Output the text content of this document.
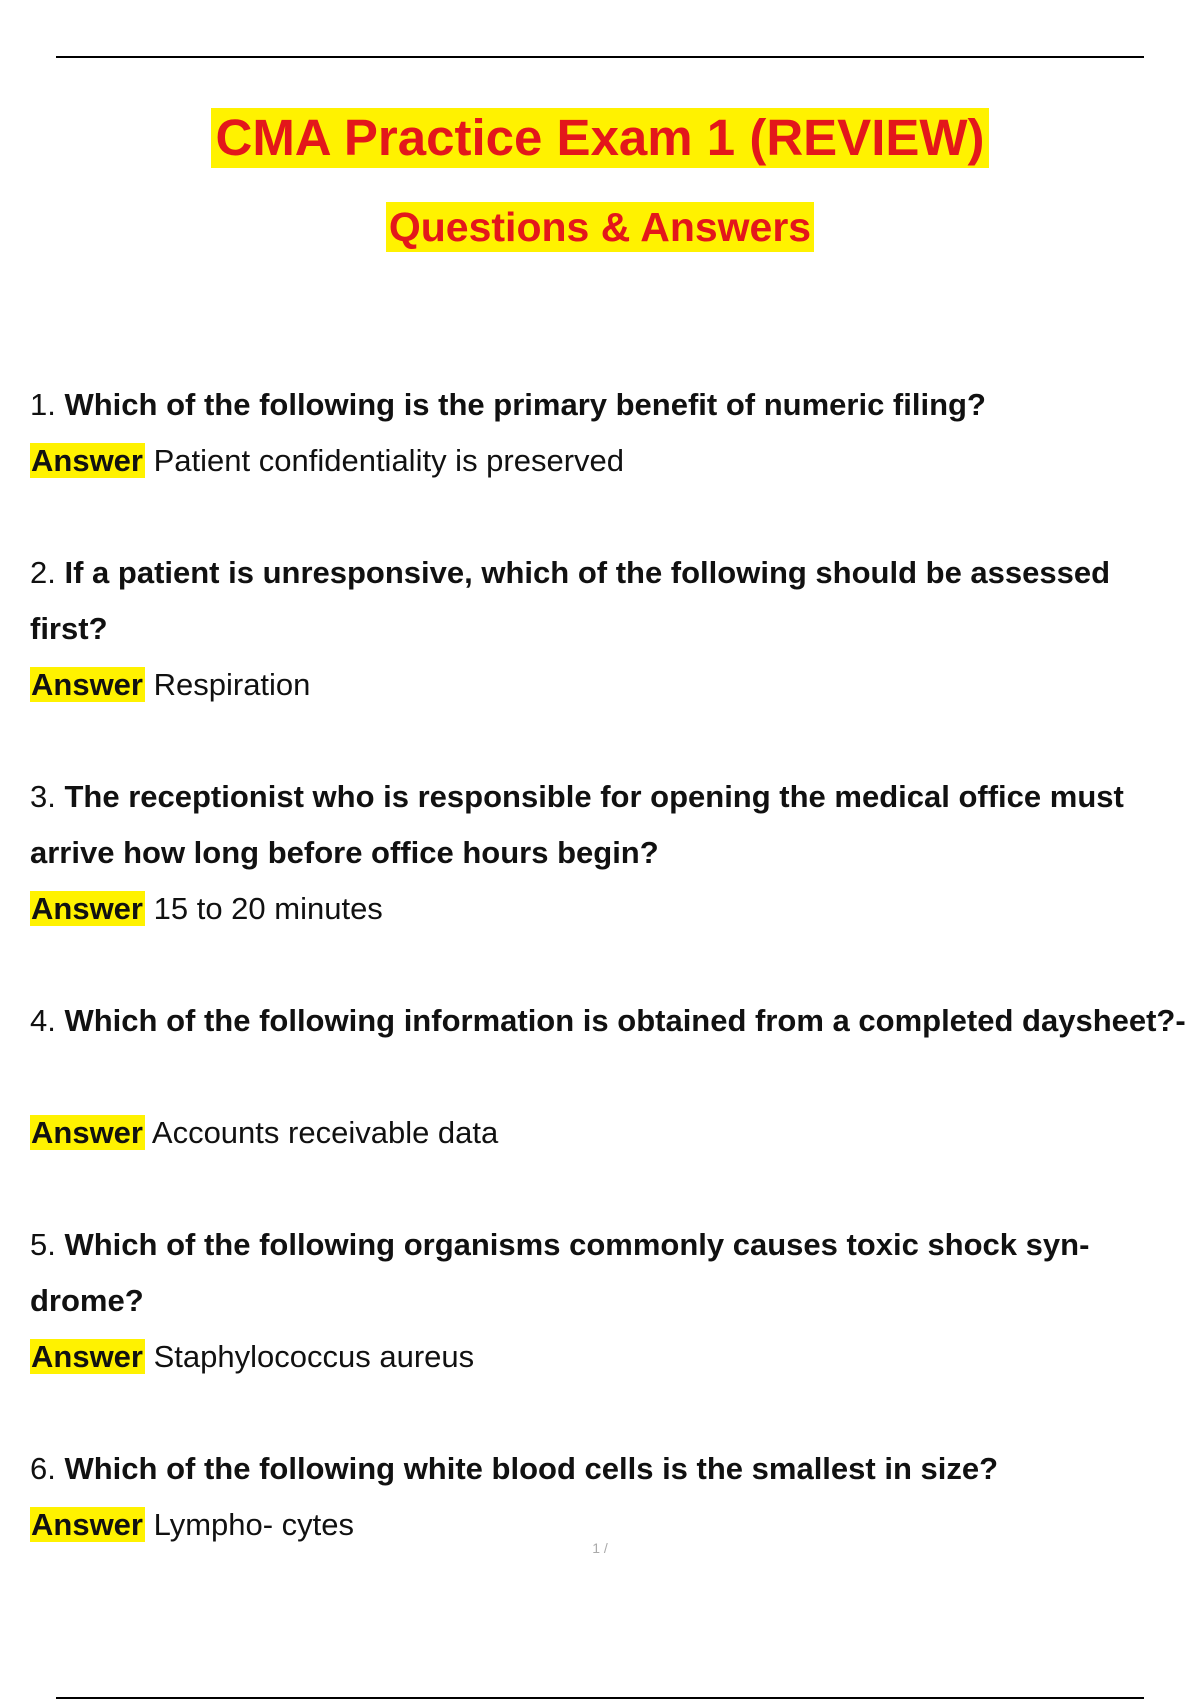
CMA Practice Exam 1 (REVIEW)
Questions & Answers

1. Which of the following is the primary benefit of numeric filing?

Answer Patient confidentiality is preserved

2. If a patient is unresponsive, which of the following should be assessed

first?

Answer Respiration

3. The receptionist who is responsible for opening the medical office must

arrive how long before office hours begin?

Answer 15 to 20 minutes

4. Which of the following information is obtained from a completed daysheet?-

Answer Accounts receivable data

5. Which of the following organisms commonly causes toxic shock syn-

drome?

Answer Staphylococcus aureus

6. Which of the following white blood cells is the smallest in size?

Answer Lympho- cytes

1 /
